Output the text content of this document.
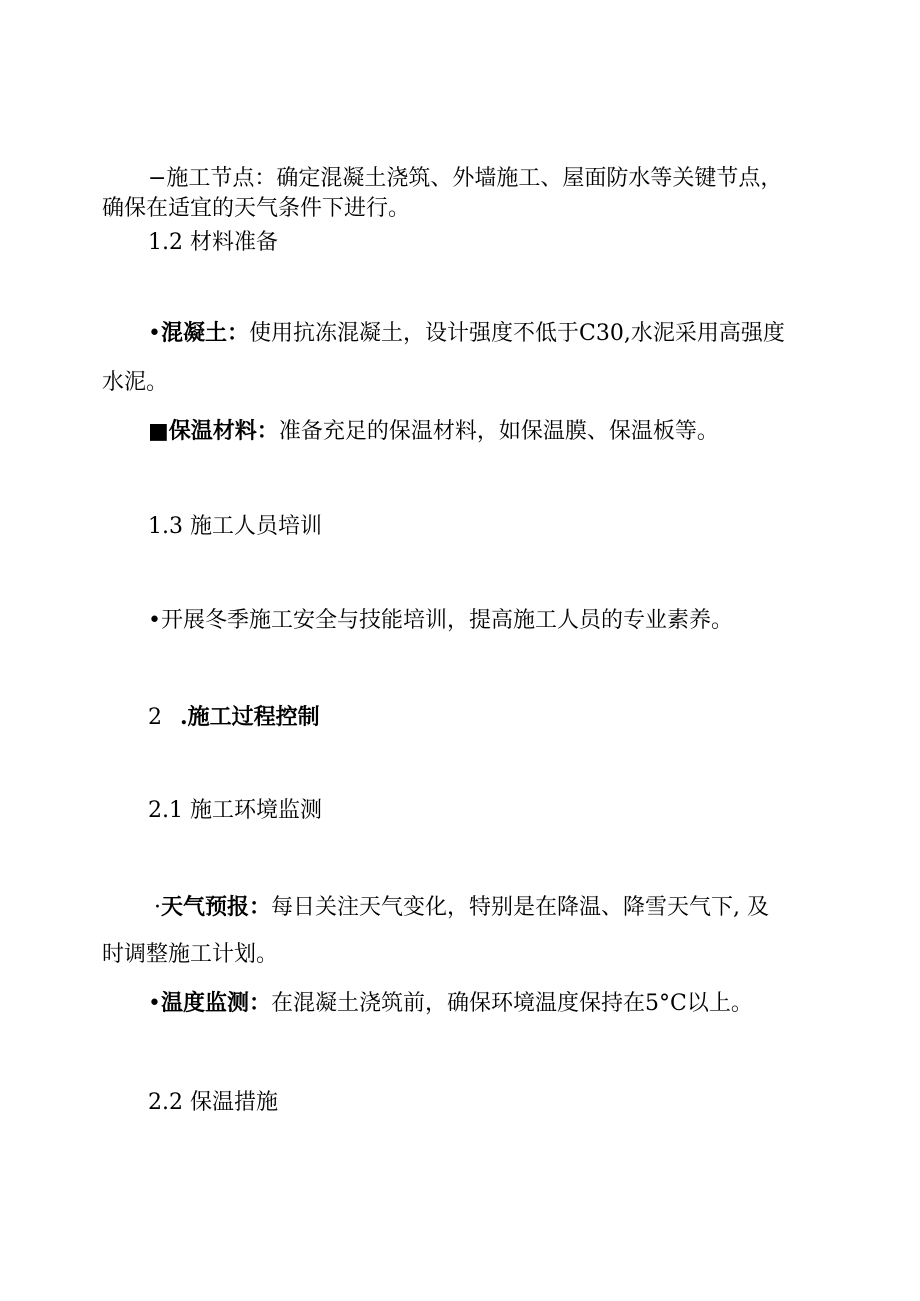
−施工节点：确定混凝土浇筑、外墙施工、屋面防水等关键节点，
确保在适宜的天气条件下进行。
1.2 材料准备
•混凝土：使用抗冻混凝土，设计强度不低于C30,水泥采用高强度
水泥。
■保温材料：准备充足的保温材料，如保温膜、保温板等。
1.3 施工人员培训
•开展冬季施工安全与技能培训，提高施工人员的专业素养。
2 .施工过程控制
2.1 施工环境监测
·天气预报：每日关注天气变化，特别是在降温、降雪天气下, 及
时调整施工计划。
•温度监测：在混凝土浇筑前，确保环境温度保持在5°C以上。
2.2 保温措施
